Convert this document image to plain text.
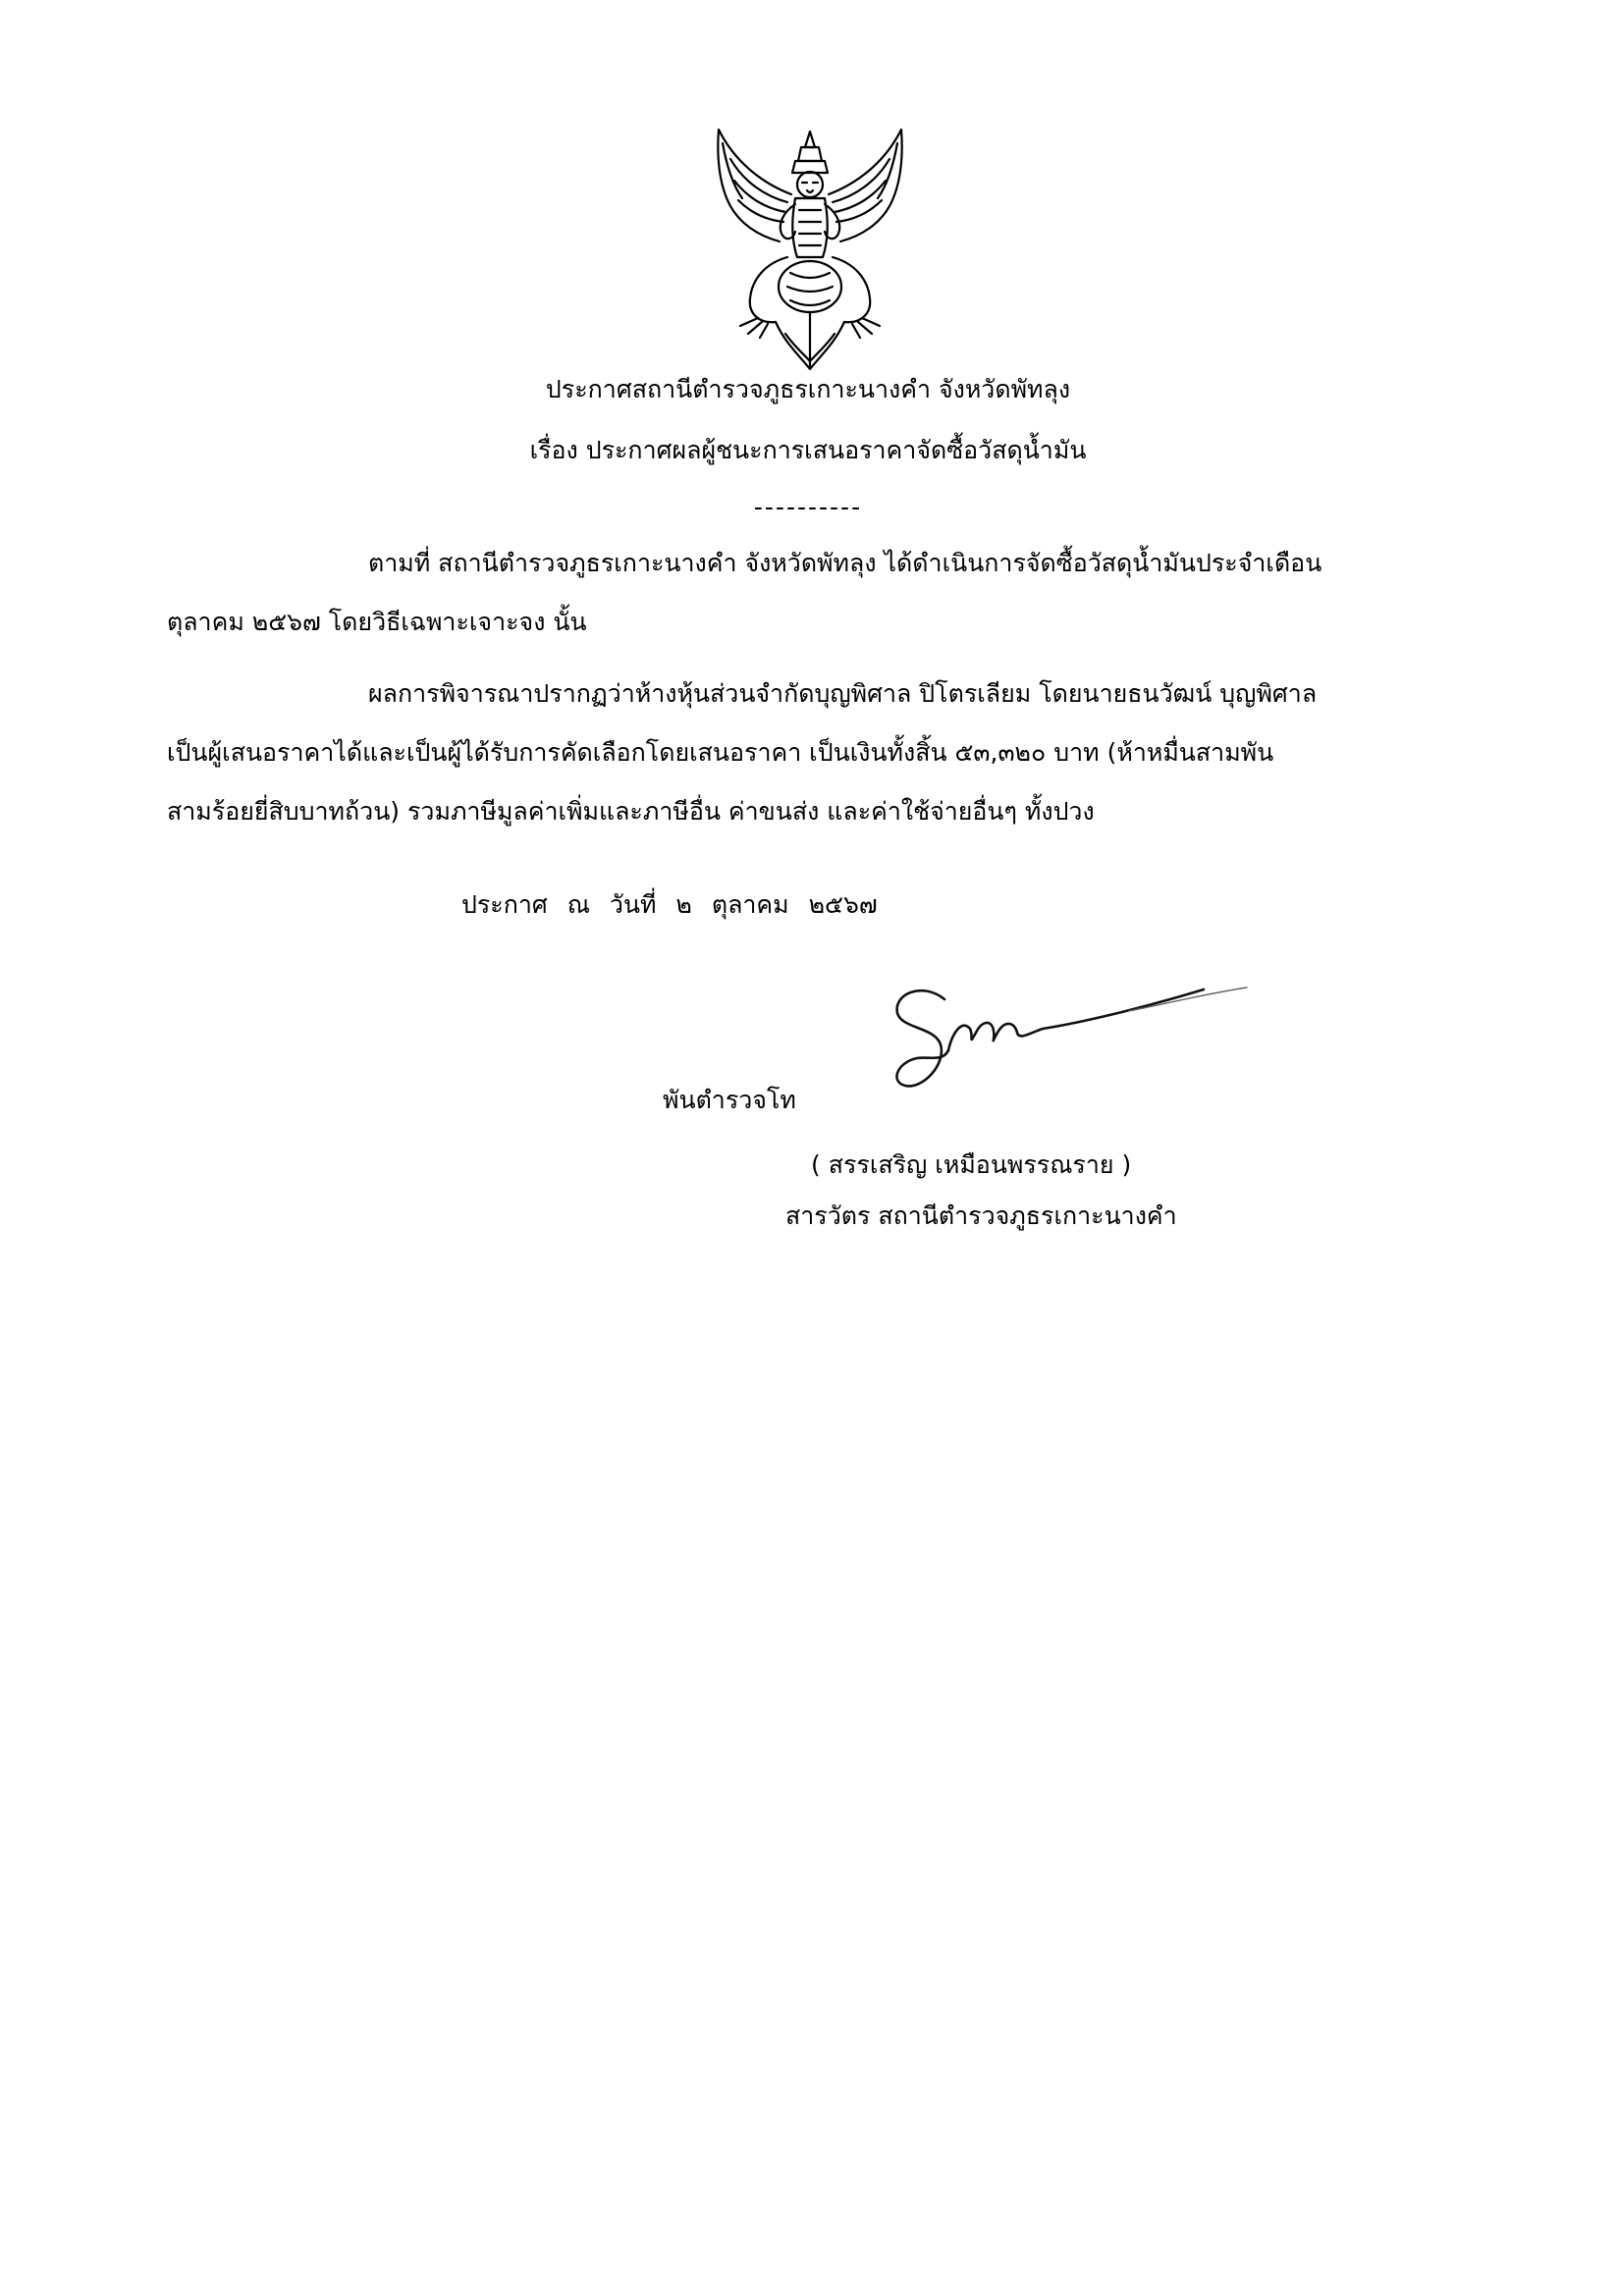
ประกาศสถานีตำรวจภูธรเกาะนางคำ จังหวัดพัทลุง
เรื่อง ประกาศผลผู้ชนะการเสนอราคาจัดซื้อวัสดุน้ำมัน
----------
ตามที่ สถานีตำรวจภูธรเกาะนางคำ จังหวัดพัทลุง ได้ดำเนินการจัดซื้อวัสดุน้ำมันประจำเดือน
ตุลาคม ๒๕๖๗ โดยวิธีเฉพาะเจาะจง นั้น
ผลการพิจารณาปรากฏว่าห้างหุ้นส่วนจำกัดบุญพิศาล ปิโตรเลียม โดยนายธนวัฒน์ บุญพิศาล
เป็นผู้เสนอราคาได้และเป็นผู้ได้รับการคัดเลือกโดยเสนอราคา เป็นเงินทั้งสิ้น ๕๓,๓๒๐ บาท (ห้าหมื่นสามพัน
สามร้อยยี่สิบบาทถ้วน) รวมภาษีมูลค่าเพิ่มและภาษีอื่น ค่าขนส่ง และค่าใช้จ่ายอื่นๆ ทั้งปวง
ประกาศ ณ วันที่ ๒ ตุลาคม ๒๕๖๗
พันตำรวจโท
( สรรเสริญ เหมือนพรรณราย )
สารวัตร สถานีตำรวจภูธรเกาะนางคำ
